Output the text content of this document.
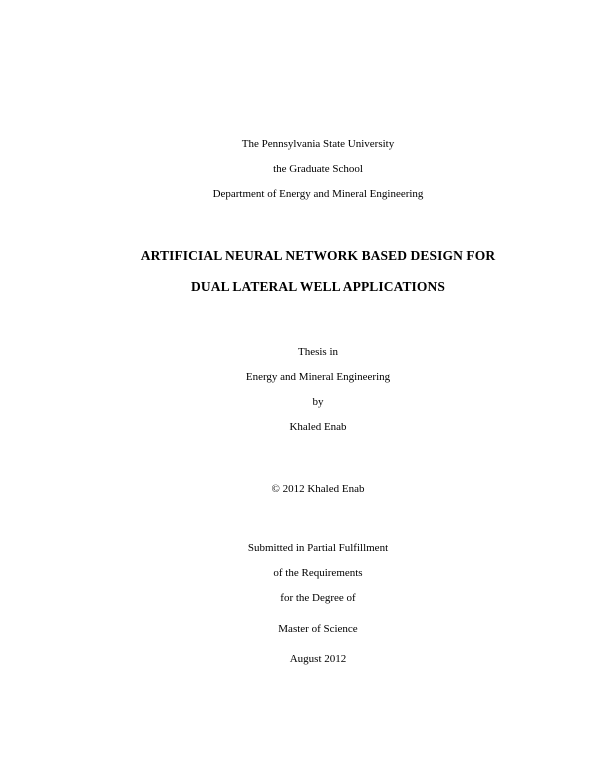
The Pennsylvania State University
the Graduate School
Department of Energy and Mineral Engineering
ARTIFICIAL NEURAL NETWORK BASED DESIGN FOR
DUAL LATERAL WELL APPLICATIONS
Thesis in
Energy and Mineral Engineering
by
Khaled Enab
© 2012 Khaled Enab
Submitted in Partial Fulfillment
of the Requirements
for the Degree of
Master of Science
August 2012
